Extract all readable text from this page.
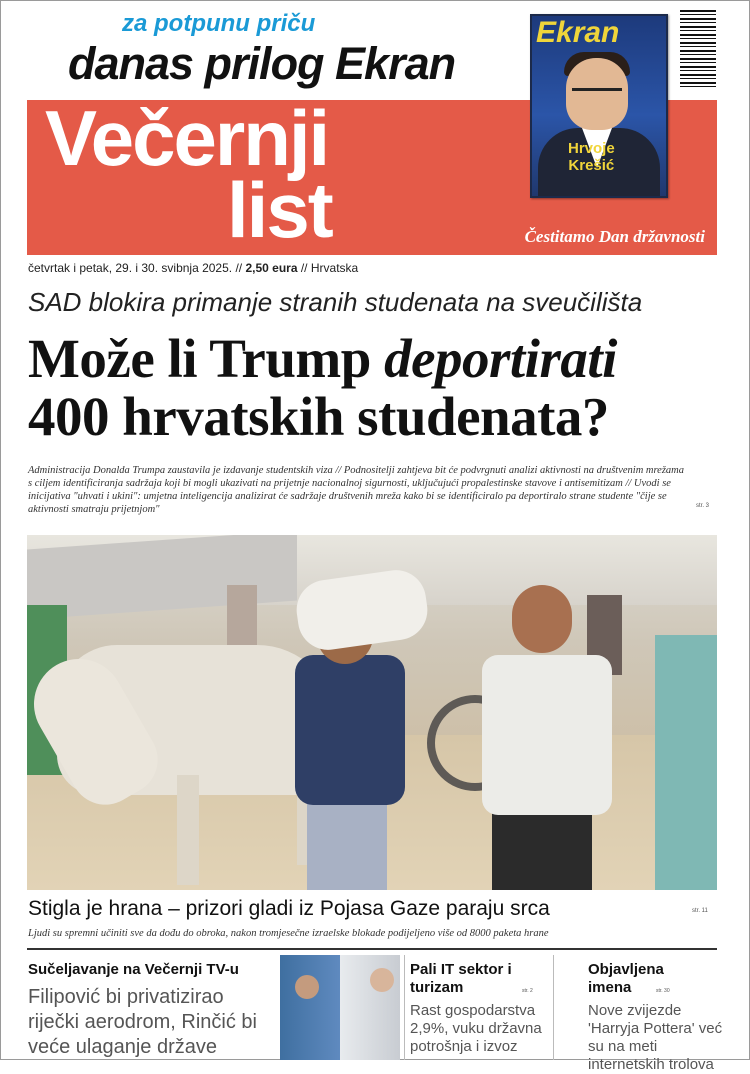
za potpunu priču
danas prilog Ekran
Večernji
list	Čestitamo Dan državnosti
Ekran
Hrvoje
Krešić
četvrtak i petak, 29. i 30. svibnja 2025. // 2,50 eura // Hrvatska
SAD blokira primanje stranih studenata na sveučilišta
Može li Trump deportirati
400 hrvatskih studenata?
Administracija Donalda Trumpa zaustavila je izdavanje studentskih viza // Podnositelji zahtjeva bit će podvrgnuti analizi aktivnosti na društvenim mrežama s ciljem identificiranja sadržaja koji bi mogli ukazivati na prijetnje nacionalnoj sigurnosti, uključujući propalestinske stavove i antisemitizam // Uvodi se inicijativa "uhvati i ukini": umjetna inteligencija analizirat će sadržaje društvenih mreža kako bi se identificiralo pa deportiralo strane studente "čije se aktivnosti smatraju prijetnjom"	str. 3
Stigla je hrana – prizori gladi iz Pojasa Gaze paraju srca	str. 11
Ljudi su spremni učiniti sve da dođu do obroka, nakon tromjesečne izraelske blokade podijeljeno više od 8000 paketa hrane
Sučeljavanje na Večernji TV-u
Filipović bi privatizirao riječki aerodrom, Rinčić bi veće ulaganje države
Pali IT sektor i turizam	str. 2
Rast gospodarstva 2,9%, vuku državna potrošnja i izvoz
Objavljena imena	str. 30
Nove zvijezde 'Harryja Pottera' već su na meti internetskih trolova
